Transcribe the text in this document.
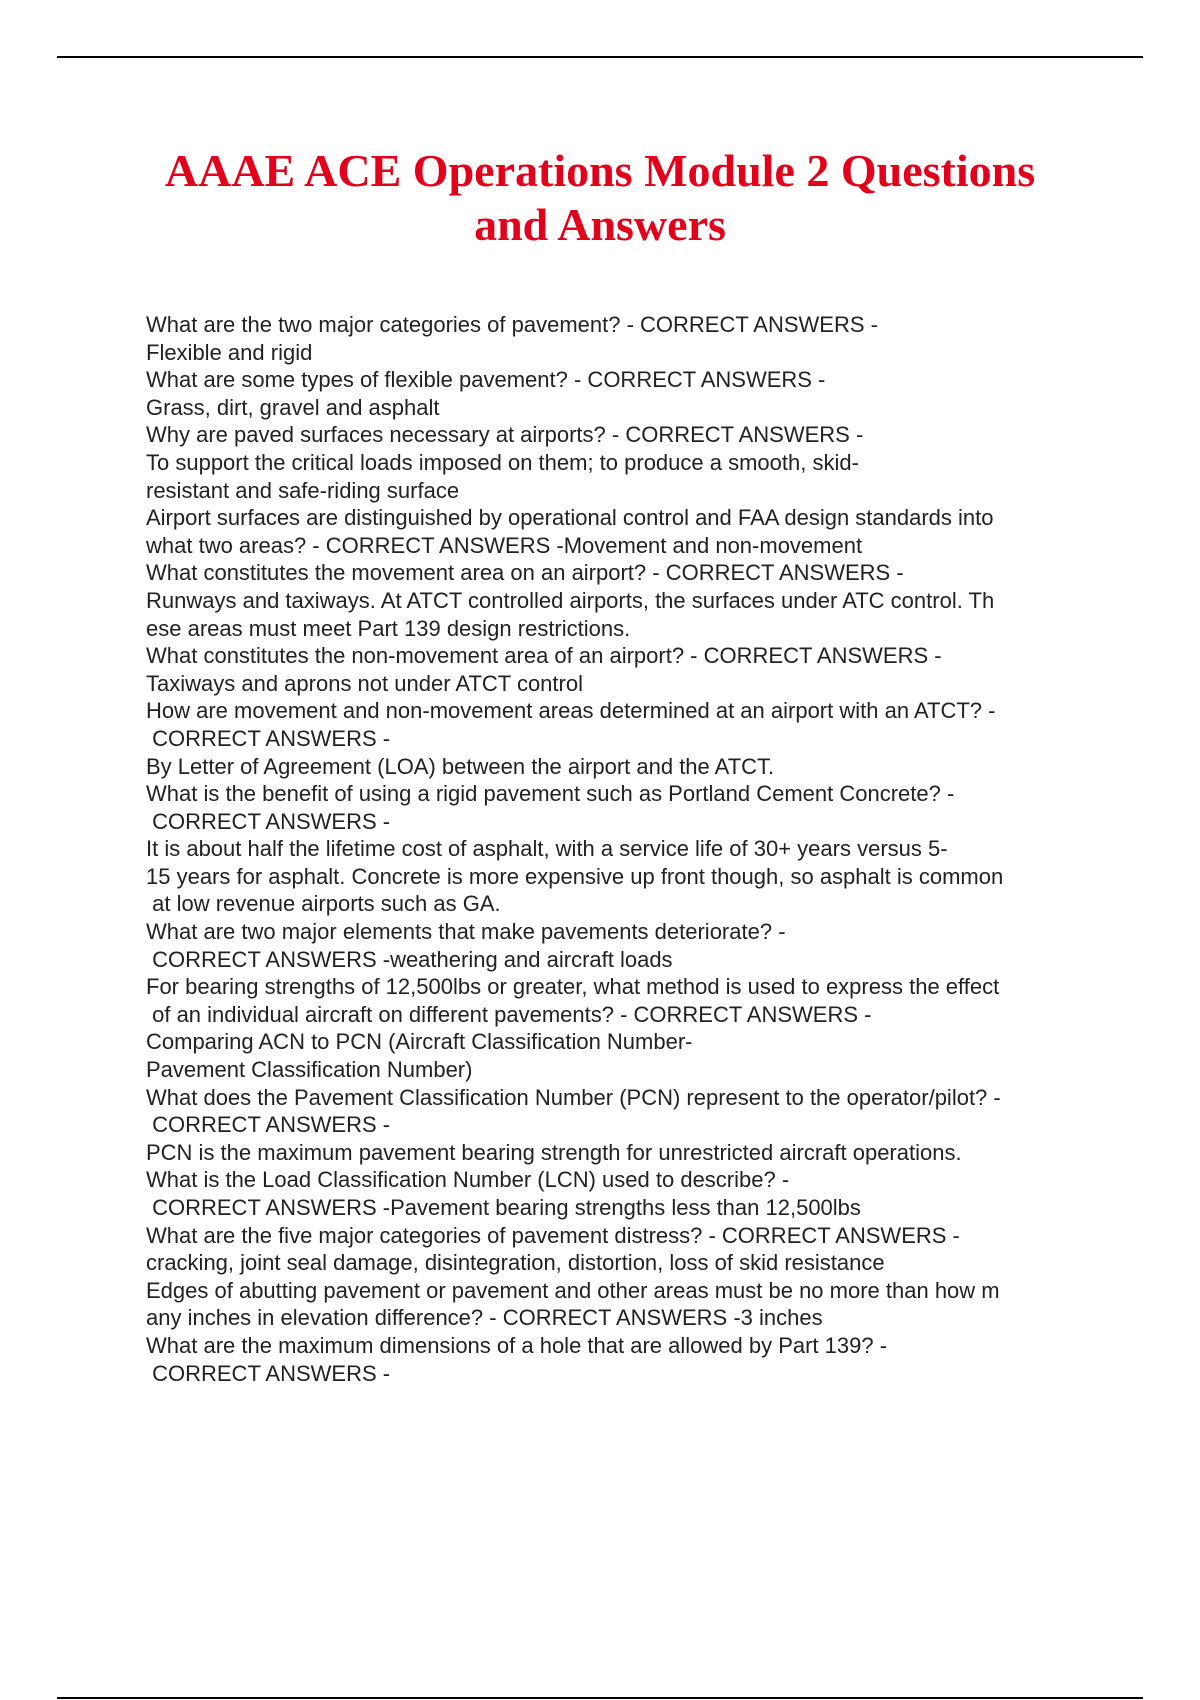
AAAE ACE Operations Module 2 Questions
and Answers
What are the two major categories of pavement? - CORRECT ANSWERS -
Flexible and rigid
What are some types of flexible pavement? - CORRECT ANSWERS -
Grass, dirt, gravel and asphalt
Why are paved surfaces necessary at airports? - CORRECT ANSWERS -
To support the critical loads imposed on them; to produce a smooth, skid-
resistant and safe-riding surface
Airport surfaces are distinguished by operational control and FAA design standards into
what two areas? - CORRECT ANSWERS -Movement and non-movement
What constitutes the movement area on an airport? - CORRECT ANSWERS -
Runways and taxiways. At ATCT controlled airports, the surfaces under ATC control. Th
ese areas must meet Part 139 design restrictions.
What constitutes the non-movement area of an airport? - CORRECT ANSWERS -
Taxiways and aprons not under ATCT control
How are movement and non-movement areas determined at an airport with an ATCT? -
CORRECT ANSWERS -
By Letter of Agreement (LOA) between the airport and the ATCT.
What is the benefit of using a rigid pavement such as Portland Cement Concrete? -
CORRECT ANSWERS -
It is about half the lifetime cost of asphalt, with a service life of 30+ years versus 5-
15 years for asphalt. Concrete is more expensive up front though, so asphalt is common
at low revenue airports such as GA.
What are two major elements that make pavements deteriorate? -
CORRECT ANSWERS -weathering and aircraft loads
For bearing strengths of 12,500lbs or greater, what method is used to express the effect
of an individual aircraft on different pavements? - CORRECT ANSWERS -
Comparing ACN to PCN (Aircraft Classification Number-
Pavement Classification Number)
What does the Pavement Classification Number (PCN) represent to the operator/pilot? -
CORRECT ANSWERS -
PCN is the maximum pavement bearing strength for unrestricted aircraft operations.
What is the Load Classification Number (LCN) used to describe? -
CORRECT ANSWERS -Pavement bearing strengths less than 12,500lbs
What are the five major categories of pavement distress? - CORRECT ANSWERS -
cracking, joint seal damage, disintegration, distortion, loss of skid resistance
Edges of abutting pavement or pavement and other areas must be no more than how m
any inches in elevation difference? - CORRECT ANSWERS -3 inches
What are the maximum dimensions of a hole that are allowed by Part 139? -
CORRECT ANSWERS -
